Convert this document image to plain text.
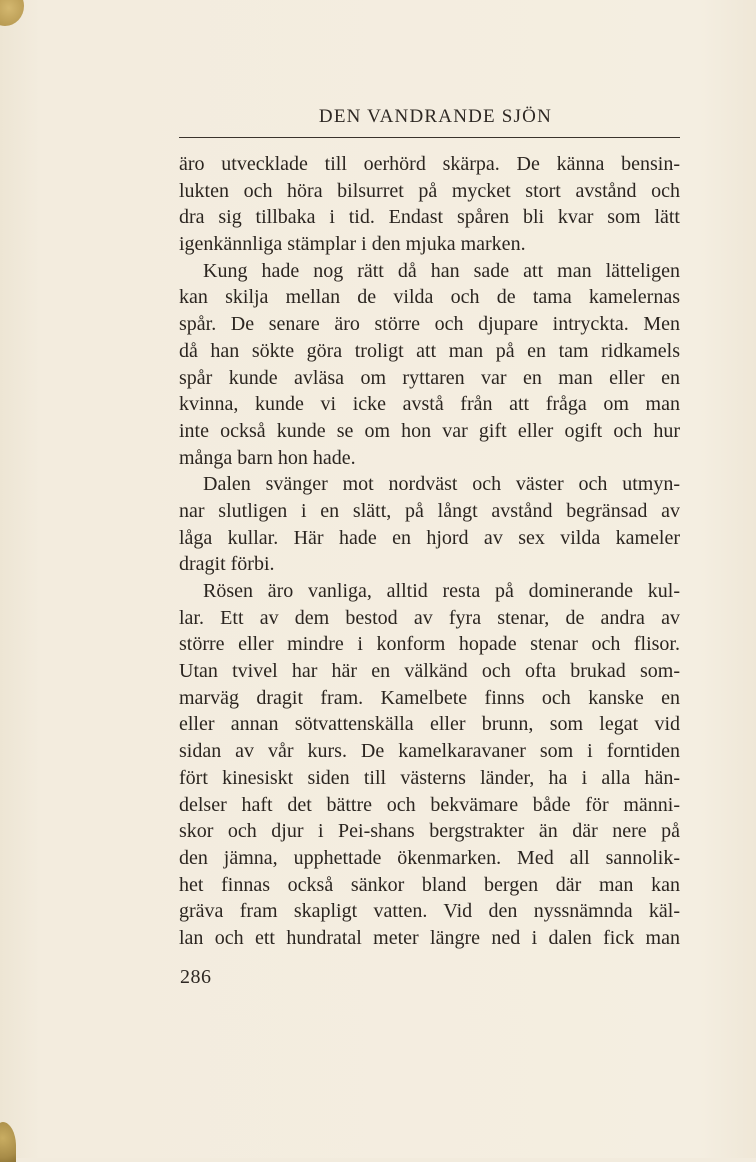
DEN VANDRANDE SJÖN
äro utvecklade till oerhörd skärpa. De känna bensin-
lukten och höra bilsurret på mycket stort avstånd och
dra sig tillbaka i tid. Endast spåren bli kvar som lätt
igenkännliga stämplar i den mjuka marken.
Kung hade nog rätt då han sade att man lätteligen
kan skilja mellan de vilda och de tama kamelernas
spår. De senare äro större och djupare intryckta. Men
då han sökte göra troligt att man på en tam ridkamels
spår kunde avläsa om ryttaren var en man eller en
kvinna, kunde vi icke avstå från att fråga om man
inte också kunde se om hon var gift eller ogift och hur
många barn hon hade.
Dalen svänger mot nordväst och väster och utmyn-
nar slutligen i en slätt, på långt avstånd begränsad av
låga kullar. Här hade en hjord av sex vilda kameler
dragit förbi.
Rösen äro vanliga, alltid resta på dominerande kul-
lar. Ett av dem bestod av fyra stenar, de andra av
större eller mindre i konform hopade stenar och flisor.
Utan tvivel har här en välkänd och ofta brukad som-
marväg dragit fram. Kamelbete finns och kanske en
eller annan sötvattenskälla eller brunn, som legat vid
sidan av vår kurs. De kamelkaravaner som i forntiden
fört kinesiskt siden till västerns länder, ha i alla hän-
delser haft det bättre och bekvämare både för männi-
skor och djur i Pei-shans bergstrakter än där nere på
den jämna, upphettade ökenmarken. Med all sannolik-
het finnas också sänkor bland bergen där man kan
gräva fram skapligt vatten. Vid den nyssnämnda käl-
lan och ett hundratal meter längre ned i dalen fick man
286
